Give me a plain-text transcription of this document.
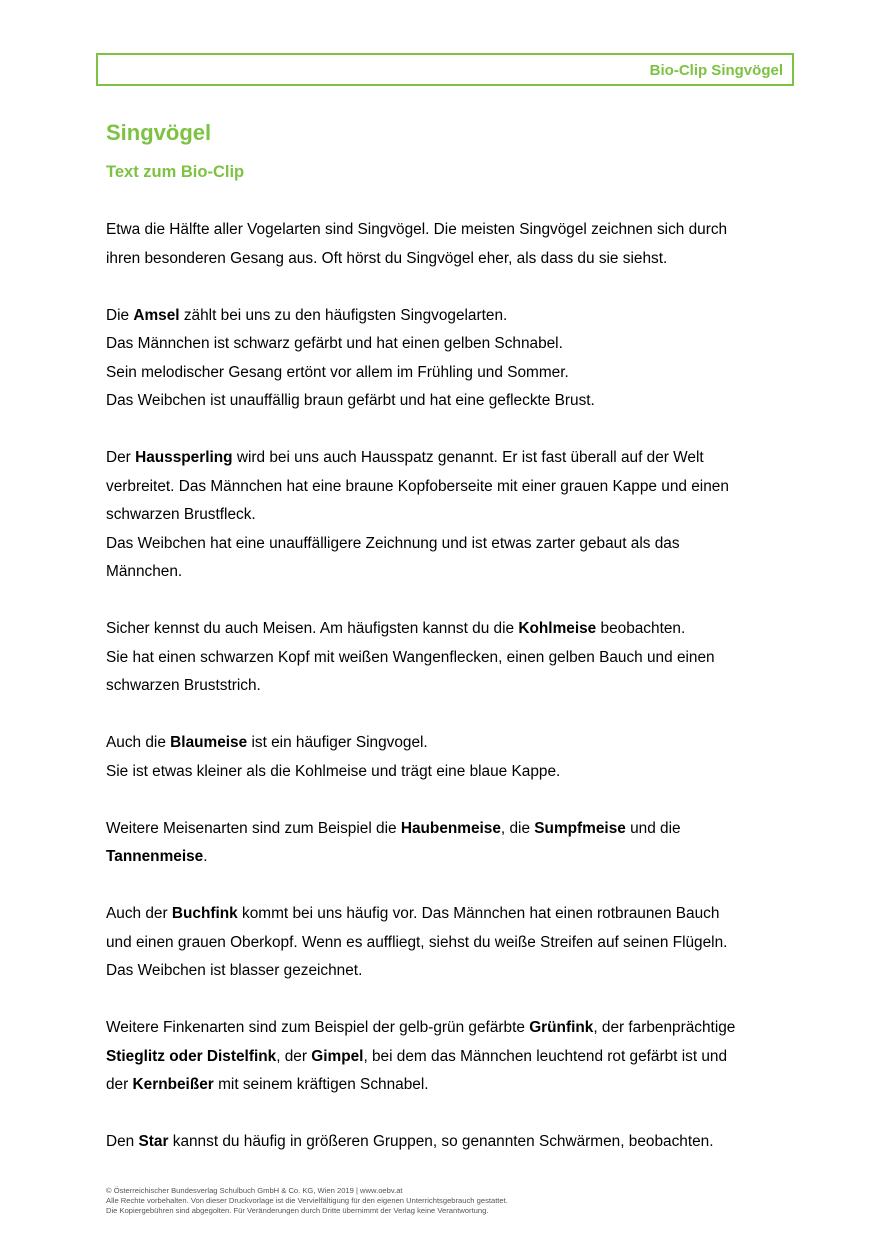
Bio-Clip Singvögel
Singvögel
Text zum Bio-Clip

Etwa die Hälfte aller Vogelarten sind Singvögel. Die meisten Singvögel zeichnen sich durch
ihren besonderen Gesang aus. Oft hörst du Singvögel eher, als dass du sie siehst.

Die Amsel zählt bei uns zu den häufigsten Singvogelarten.
Das Männchen ist schwarz gefärbt und hat einen gelben Schnabel.
Sein melodischer Gesang ertönt vor allem im Frühling und Sommer.
Das Weibchen ist unauffällig braun gefärbt und hat eine gefleckte Brust.

Der Haussperling wird bei uns auch Hausspatz genannt. Er ist fast überall auf der Welt
verbreitet. Das Männchen hat eine braune Kopfoberseite mit einer grauen Kappe und einen
schwarzen Brustfleck.
Das Weibchen hat eine unauffälligere Zeichnung und ist etwas zarter gebaut als das
Männchen.

Sicher kennst du auch Meisen. Am häufigsten kannst du die Kohlmeise beobachten.
Sie hat einen schwarzen Kopf mit weißen Wangenflecken, einen gelben Bauch und einen
schwarzen Bruststrich.

Auch die Blaumeise ist ein häufiger Singvogel.
Sie ist etwas kleiner als die Kohlmeise und trägt eine blaue Kappe.

Weitere Meisenarten sind zum Beispiel die Haubenmeise, die Sumpfmeise und die
Tannenmeise.

Auch der Buchfink kommt bei uns häufig vor. Das Männchen hat einen rotbraunen Bauch
und einen grauen Oberkopf. Wenn es auffliegt, siehst du weiße Streifen auf seinen Flügeln.
Das Weibchen ist blasser gezeichnet.

Weitere Finkenarten sind zum Beispiel der gelb-grün gefärbte Grünfink, der farbenprächtige
Stieglitz oder Distelfink, der Gimpel, bei dem das Männchen leuchtend rot gefärbt ist und
der Kernbeißer mit seinem kräftigen Schnabel.

Den Star kannst du häufig in größeren Gruppen, so genannten Schwärmen, beobachten.

© Österreichischer Bundesverlag Schulbuch GmbH & Co. KG, Wien 2019 | www.oebv.at
Alle Rechte vorbehalten. Von dieser Druckvorlage ist die Vervielfältigung für den eigenen Unterrichtsgebrauch gestattet.
Die Kopiergebühren sind abgegolten. Für Veränderungen durch Dritte übernimmt der Verlag keine Verantwortung.
